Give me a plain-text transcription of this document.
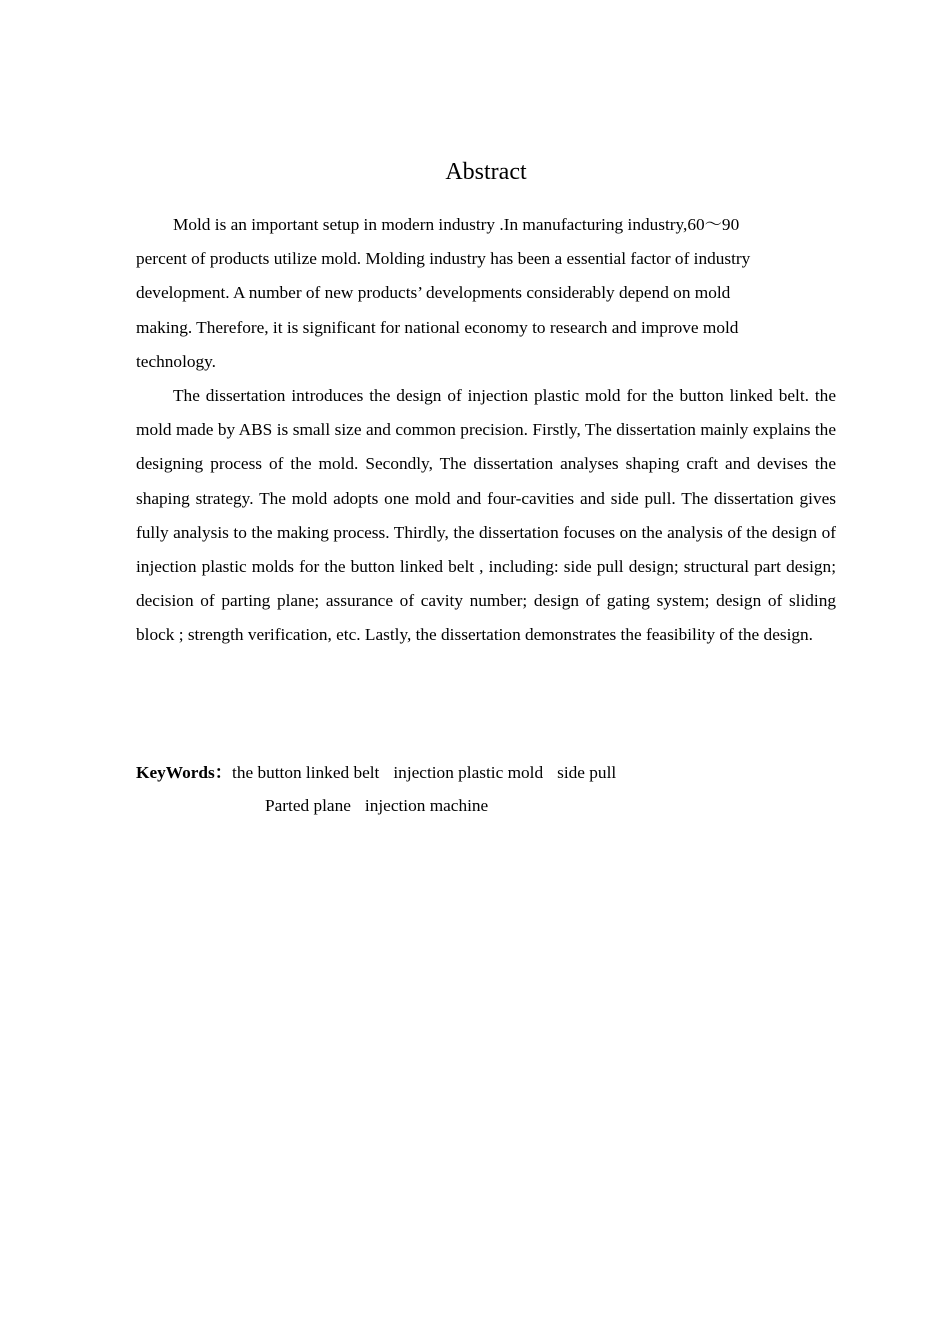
Abstract
Mold is an important setup in modern industry .In manufacturing industry,60～90
percent of products utilize mold. Molding industry has been a essential factor of industry
development. A number of new products’ developments considerably depend on mold
making. Therefore, it is significant for national economy to research and improve mold
technology.

The dissertation introduces the design of injection plastic mold for the button linked belt. the mold made by ABS is small size and common precision. Firstly, The dissertation mainly explains the designing process of the mold. Secondly, The dissertation analyses shaping craft and devises the shaping strategy. The mold adopts one mold and four-cavities and side pull. The dissertation gives fully analysis to the making process. Thirdly, the dissertation focuses on the analysis of the design of injection plastic molds for the button linked belt , including: side pull design; structural part design; decision of parting plane; assurance of cavity number; design of gating system; design of sliding block ; strength verification, etc. Lastly, the dissertation demonstrates the feasibility of the design.

KeyWords：the button linked belt injection plastic mold side pull
Parted plane injection machine
